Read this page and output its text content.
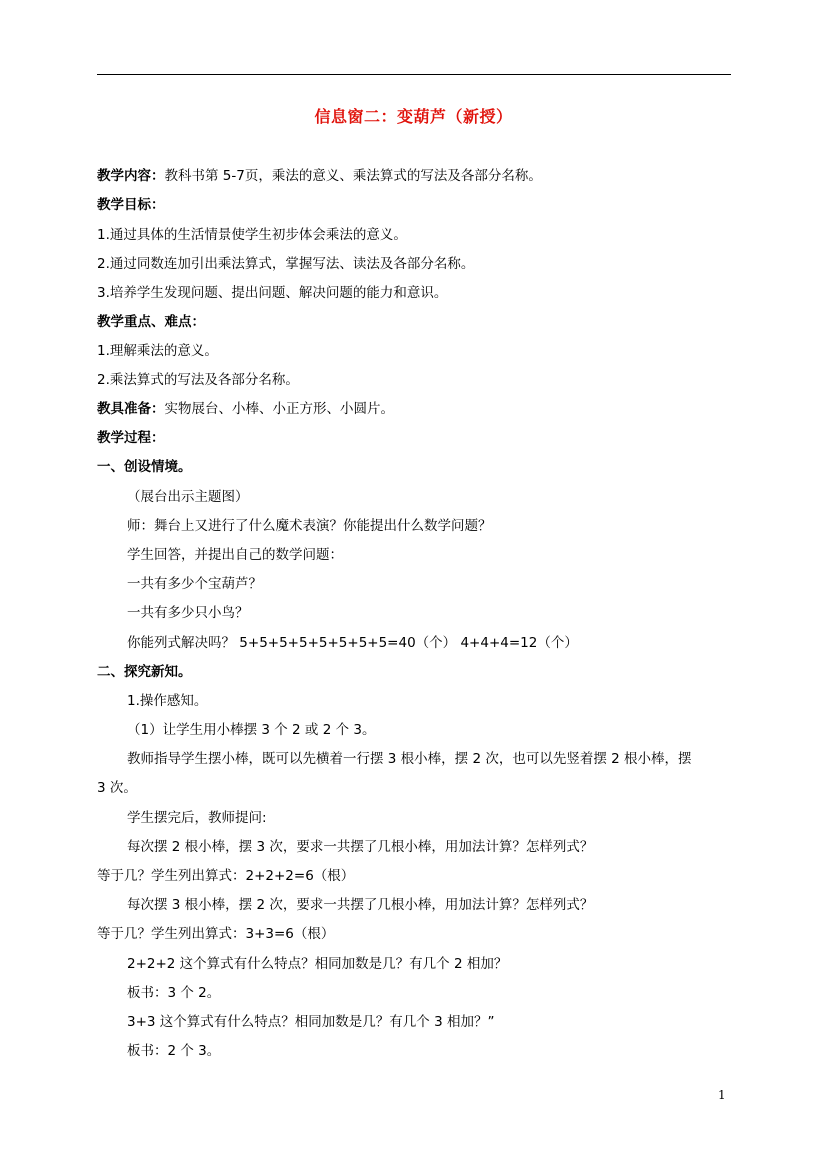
信息窗二：变葫芦（新授）
教学内容：教科书第 5-7页，乘法的意义、乘法算式的写法及各部分名称。
教学目标：
1.通过具体的生活情景使学生初步体会乘法的意义。
2.通过同数连加引出乘法算式，掌握写法、读法及各部分名称。
3.培养学生发现问题、提出问题、解决问题的能力和意识。
教学重点、难点：
1.理解乘法的意义。
2.乘法算式的写法及各部分名称。
教具准备：实物展台、小棒、小正方形、小圆片。
教学过程：
一、创设情境。
（展台出示主题图）
师：舞台上又进行了什么魔术表演？你能提出什么数学问题？
学生回答，并提出自己的数学问题：
一共有多少个宝葫芦？
一共有多少只小鸟？
你能列式解决吗？ 5+5+5+5+5+5+5+5=40（个） 4+4+4=12（个）
二、探究新知。
1.操作感知。
（1）让学生用小棒摆 3 个 2 或 2 个 3。
教师指导学生摆小棒，既可以先横着一行摆 3 根小棒，摆 2 次，也可以先竖着摆 2 根小棒，摆
3 次。
学生摆完后，教师提问:
每次摆 2 根小棒，摆 3 次，要求一共摆了几根小棒，用加法计算？怎样列式？
等于几？学生列出算式：2+2+2=6（根）
每次摆 3 根小棒，摆 2 次，要求一共摆了几根小棒，用加法计算？怎样列式？
等于几？学生列出算式：3+3=6（根）
2+2+2 这个算式有什么特点？相同加数是几？有几个 2 相加？
板书：3 个 2。
3+3 这个算式有什么特点？相同加数是几？有几个 3 相加？”
板书：2 个 3。
1
